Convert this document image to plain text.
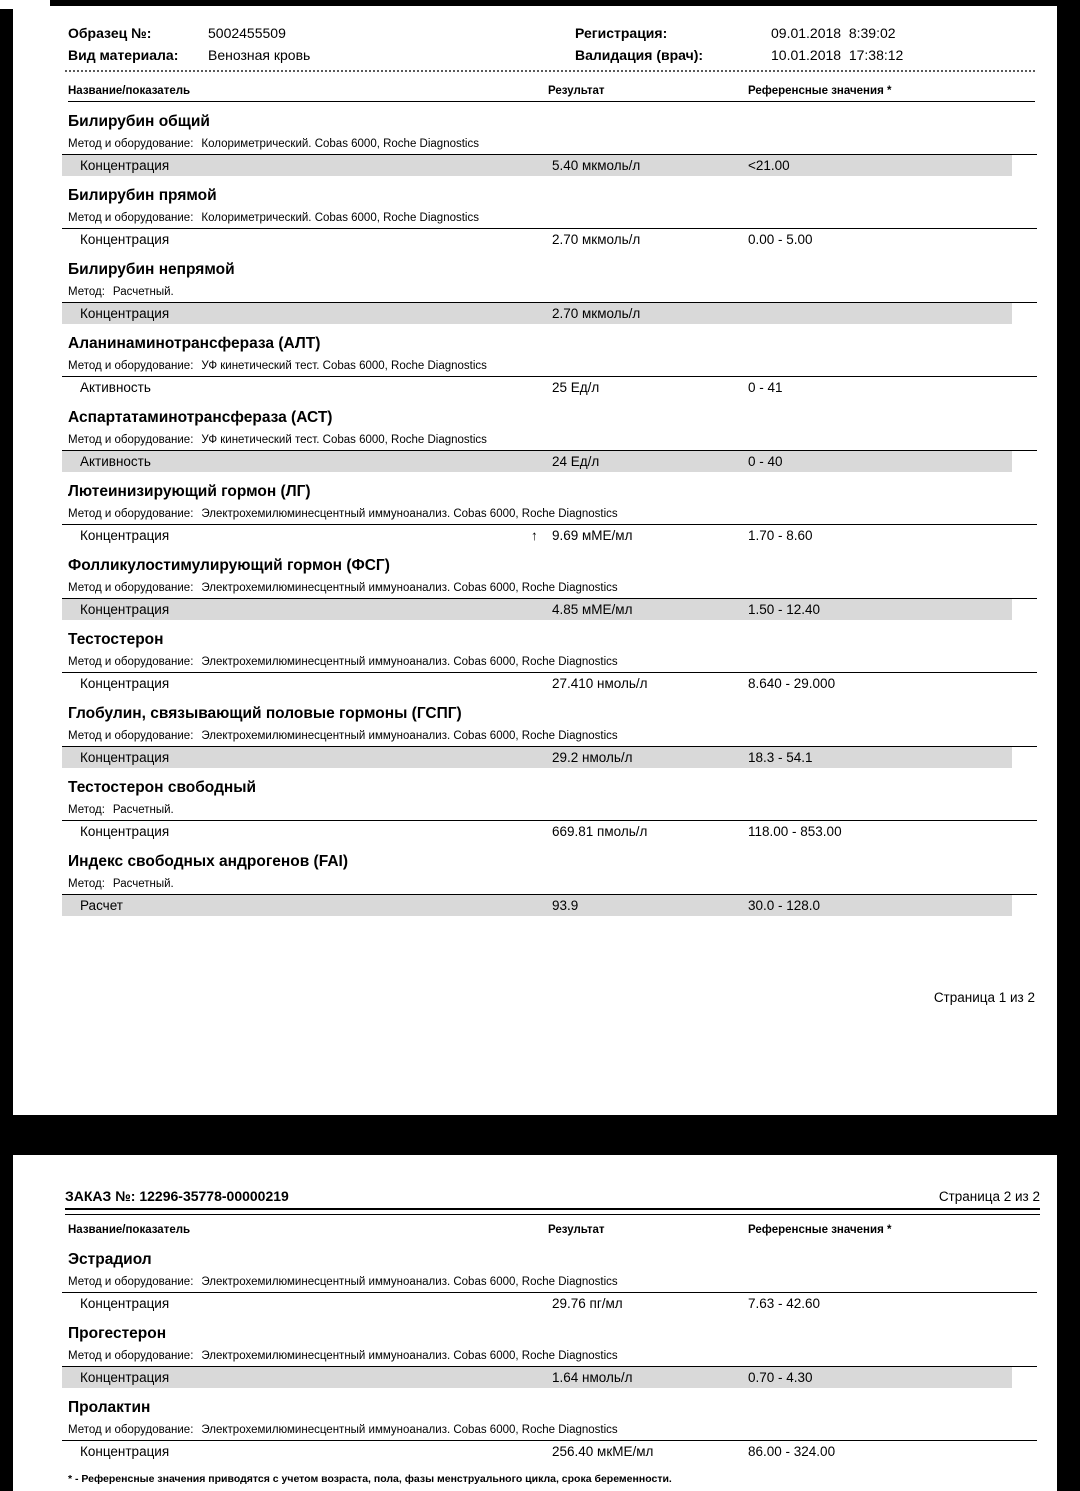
Образец №:	5002455509	Регистрация:	09.01.2018  8:39:02
Вид материала: Венозная кровь	Валидация (врач):	10.01.2018  17:38:12
Название/показатель	Результат	Референсные значения *
Билирубин общий
Метод и оборудование: Колориметрический. Cobas 6000, Roche Diagnostics
Концентрация	5.40 мкмоль/л	<21.00
Билирубин прямой
Метод и оборудование: Колориметрический. Cobas 6000, Roche Diagnostics
Концентрация	2.70 мкмоль/л	0.00 - 5.00
Билирубин непрямой
Метод: Расчетный.
Концентрация	2.70 мкмоль/л
Аланинаминотрансфераза (АЛТ)
Метод и оборудование: УФ кинетический тест. Cobas 6000, Roche Diagnostics
Активность	25 Ед/л	0 - 41
Аспартатаминотрансфераза (АСТ)
Метод и оборудование: УФ кинетический тест. Cobas 6000, Roche Diagnostics
Активность	24 Ед/л	0 - 40
Лютеинизирующий гормон (ЛГ)
Метод и оборудование: Электрохемилюминесцентный иммуноанализ. Cobas 6000, Roche Diagnostics
Концентрация	↑ 9.69 мМЕ/мл	1.70 - 8.60
Фолликулостимулирующий гормон (ФСГ)
Метод и оборудование: Электрохемилюминесцентный иммуноанализ. Cobas 6000, Roche Diagnostics
Концентрация	4.85 мМЕ/мл	1.50 - 12.40
Тестостерон
Метод и оборудование: Электрохемилюминесцентный иммуноанализ. Cobas 6000, Roche Diagnostics
Концентрация	27.410 нмоль/л	8.640 - 29.000
Глобулин, связывающий половые гормоны (ГСПГ)
Метод и оборудование: Электрохемилюминесцентный иммуноанализ. Cobas 6000, Roche Diagnostics
Концентрация	29.2 нмоль/л	18.3 - 54.1
Тестостерон свободный
Метод: Расчетный.
Концентрация	669.81 пмоль/л	118.00 - 853.00
Индекс свободных андрогенов (FAI)
Метод: Расчетный.
Расчет	93.9	30.0 - 128.0
Страница 1 из 2
ЗАКАЗ №: 12296-35778-00000219	Страница 2 из 2
Название/показатель	Результат	Референсные значения *
Эстрадиол
Метод и оборудование: Электрохемилюминесцентный иммуноанализ. Cobas 6000, Roche Diagnostics
Концентрация	29.76 пг/мл	7.63 - 42.60
Прогестерон
Метод и оборудование: Электрохемилюминесцентный иммуноанализ. Cobas 6000, Roche Diagnostics
Концентрация	1.64 нмоль/л	0.70 - 4.30
Пролактин
Метод и оборудование: Электрохемилюминесцентный иммуноанализ. Cobas 6000, Roche Diagnostics
Концентрация	256.40 мкМЕ/мл	86.00 - 324.00
* - Референсные значения приводятся с учетом возраста, пола, фазы менструального цикла, срока беременности.
